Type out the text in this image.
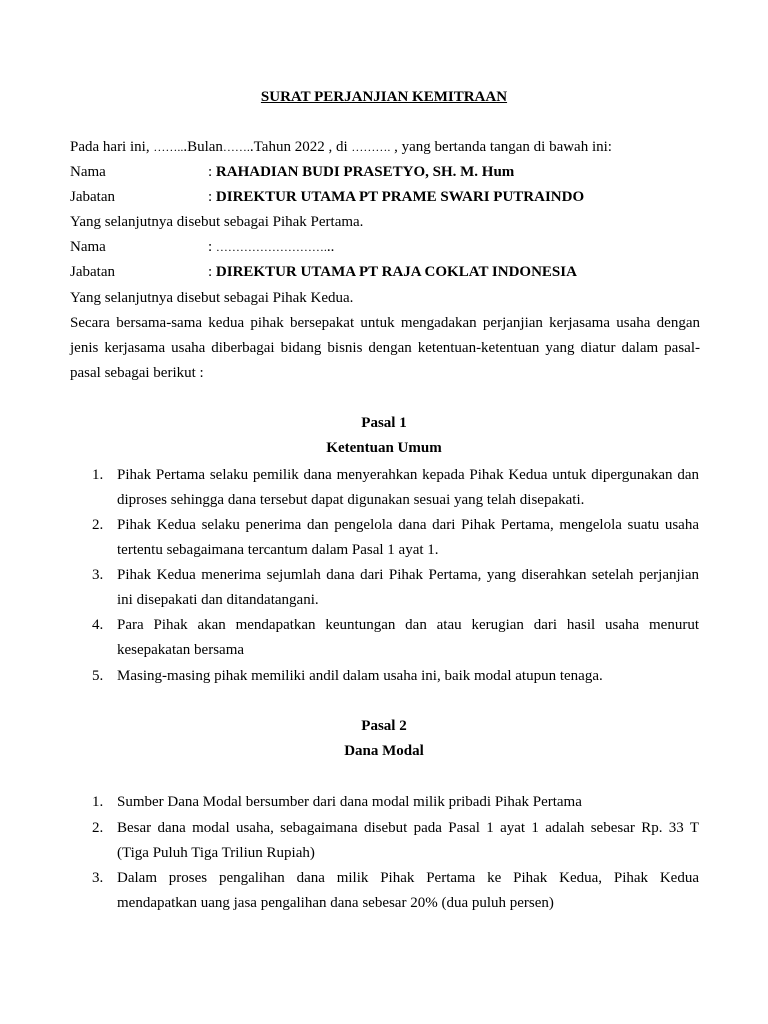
SURAT PERJANJIAN KEMITRAAN
Pada hari ini, ……...Bulan……..Tahun 2022 , di ………. , yang bertanda tangan di bawah ini:
Nama	: RAHADIAN BUDI PRASETYO, SH. M. Hum
Jabatan	: DIREKTUR UTAMA PT PRAME SWARI PUTRAINDO
Yang selanjutnya disebut sebagai Pihak Pertama.
Nama	: ………………………...
Jabatan	: DIREKTUR UTAMA PT RAJA COKLAT INDONESIA
Yang selanjutnya disebut sebagai Pihak Kedua.
Secara bersama-sama kedua pihak bersepakat untuk mengadakan perjanjian kerjasama usaha dengan
jenis kerjasama usaha diberbagai bidang bisnis dengan ketentuan-ketentuan yang diatur dalam pasal-
pasal sebagai berikut :
Pasal 1
Ketentuan Umum
1. Pihak Pertama selaku pemilik dana menyerahkan kepada Pihak Kedua untuk dipergunakan dan
diproses sehingga dana tersebut dapat digunakan sesuai yang telah disepakati.
2. Pihak Kedua selaku penerima dan pengelola dana dari Pihak Pertama, mengelola suatu usaha
tertentu sebagaimana tercantum dalam Pasal 1 ayat 1.
3. Pihak Kedua menerima sejumlah dana dari Pihak Pertama, yang diserahkan setelah perjanjian
ini disepakati dan ditandatangani.
4. Para Pihak akan mendapatkan keuntungan dan atau kerugian dari hasil usaha menurut
kesepakatan bersama
5. Masing-masing pihak memiliki andil dalam usaha ini, baik modal atupun tenaga.
Pasal 2
Dana Modal
1. Sumber Dana Modal bersumber dari dana modal milik pribadi Pihak Pertama
2. Besar dana modal usaha, sebagaimana disebut pada Pasal 1 ayat 1 adalah sebesar Rp. 33 T
(Tiga Puluh Tiga Triliun Rupiah)
3. Dalam proses pengalihan dana milik Pihak Pertama ke Pihak Kedua, Pihak Kedua
mendapatkan uang jasa pengalihan dana sebesar 20% (dua puluh persen)
